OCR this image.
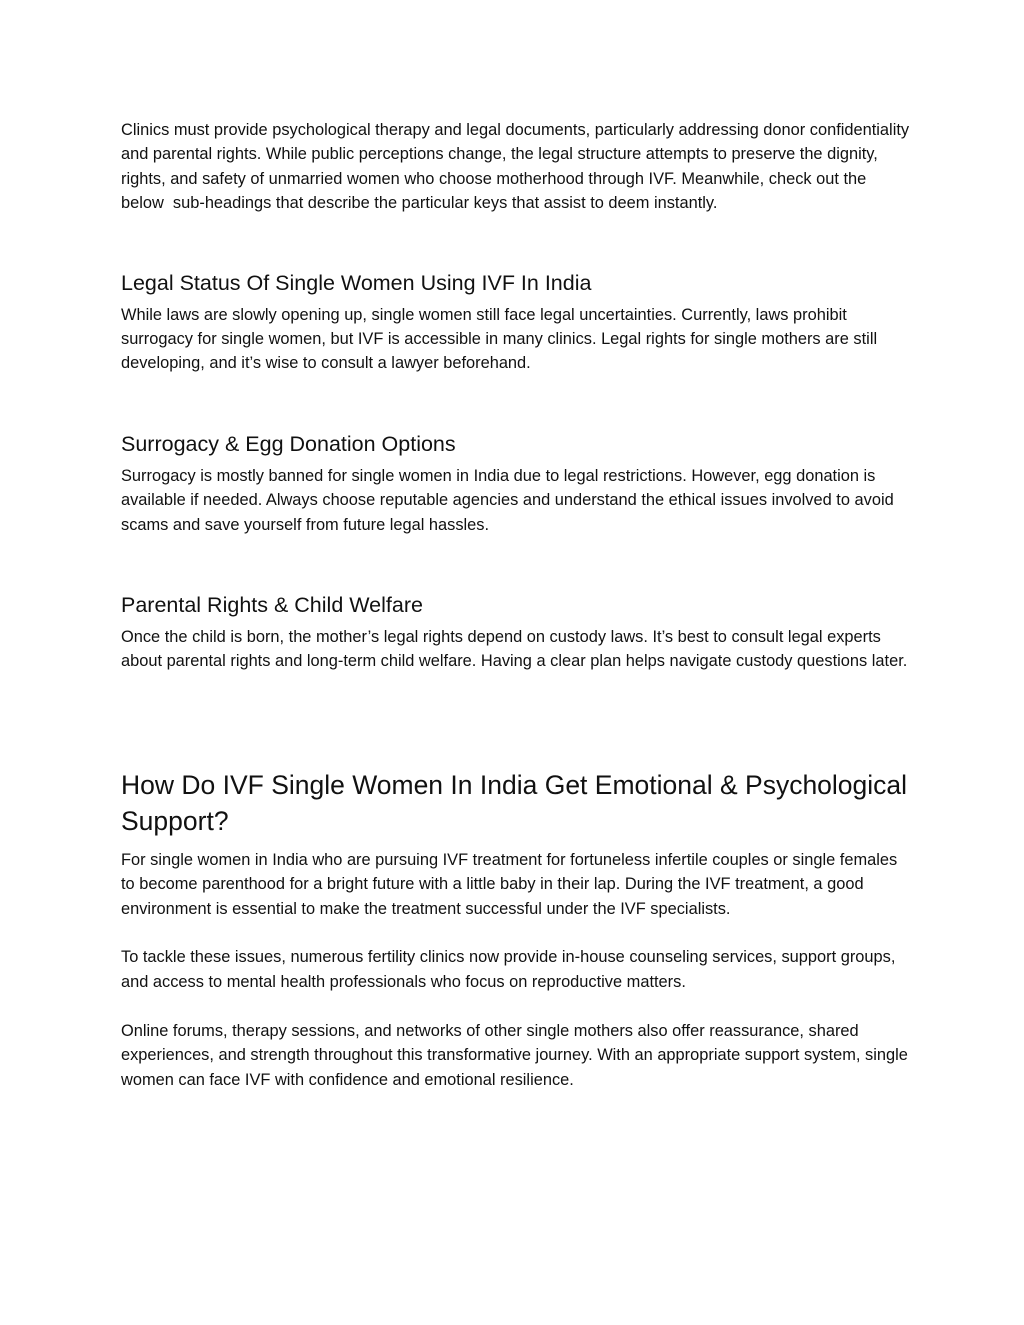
Clinics must provide psychological therapy and legal documents, particularly addressing donor confidentiality and parental rights. While public perceptions change, the legal structure attempts to preserve the dignity, rights, and safety of unmarried women who choose motherhood through IVF. Meanwhile, check out the below  sub-headings that describe the particular keys that assist to deem instantly.

Legal Status Of Single Women Using IVF In India

While laws are slowly opening up, single women still face legal uncertainties. Currently, laws prohibit surrogacy for single women, but IVF is accessible in many clinics. Legal rights for single mothers are still developing, and it’s wise to consult a lawyer beforehand.

Surrogacy & Egg Donation Options

Surrogacy is mostly banned for single women in India due to legal restrictions. However, egg donation is available if needed. Always choose reputable agencies and understand the ethical issues involved to avoid scams and save yourself from future legal hassles.

Parental Rights & Child Welfare

Once the child is born, the mother’s legal rights depend on custody laws. It’s best to consult legal experts about parental rights and long-term child welfare. Having a clear plan helps navigate custody questions later.

How Do IVF Single Women In India Get Emotional & Psychological Support?

For single women in India who are pursuing IVF treatment for fortuneless infertile couples or single females to become parenthood for a bright future with a little baby in their lap. During the IVF treatment, a good environment is essential to make the treatment successful under the IVF specialists.

To tackle these issues, numerous fertility clinics now provide in-house counseling services, support groups, and access to mental health professionals who focus on reproductive matters.

Online forums, therapy sessions, and networks of other single mothers also offer reassurance, shared experiences, and strength throughout this transformative journey. With an appropriate support system, single women can face IVF with confidence and emotional resilience.
